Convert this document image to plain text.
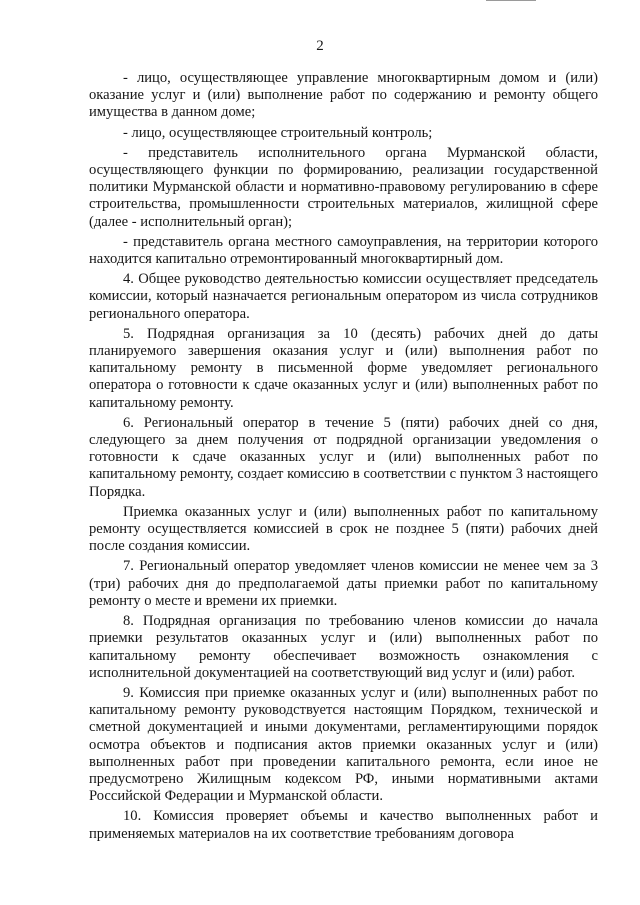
2

- лицо, осуществляющее управление многоквартирным домом и (или) оказание услуг и (или) выполнение работ по содержанию и ремонту общего имущества в данном доме;

- лицо, осуществляющее строительный контроль;

- представитель исполнительного органа Мурманской области, осуществляющего функции по формированию, реализации государственной политики Мурманской области и нормативно-правовому регулированию в сфере строительства, промышленности строительных материалов, жилищной сфере (далее - исполнительный орган);

- представитель органа местного самоуправления, на территории которого находится капитально отремонтированный многоквартирный дом.

4. Общее руководство деятельностью комиссии осуществляет председатель комиссии, который назначается региональным оператором из числа сотрудников регионального оператора.

5. Подрядная организация за 10 (десять) рабочих дней до даты планируемого завершения оказания услуг и (или) выполнения работ по капитальному ремонту в письменной форме уведомляет регионального оператора о готовности к сдаче оказанных услуг и (или) выполненных работ по капитальному ремонту.

6. Региональный оператор в течение 5 (пяти) рабочих дней со дня, следующего за днем получения от подрядной организации уведомления о готовности к сдаче оказанных услуг и (или) выполненных работ по капитальному ремонту, создает комиссию в соответствии с пунктом 3 настоящего Порядка.

Приемка оказанных услуг и (или) выполненных работ по капитальному ремонту осуществляется комиссией в срок не позднее 5 (пяти) рабочих дней после создания комиссии.

7. Региональный оператор уведомляет членов комиссии не менее чем за 3 (три) рабочих дня до предполагаемой даты приемки работ по капитальному ремонту о месте и времени их приемки.

8. Подрядная организация по требованию членов комиссии до начала приемки результатов оказанных услуг и (или) выполненных работ по капитальному ремонту обеспечивает возможность ознакомления с исполнительной документацией на соответствующий вид услуг и (или) работ.

9. Комиссия при приемке оказанных услуг и (или) выполненных работ по капитальному ремонту руководствуется настоящим Порядком, технической и сметной документацией и иными документами, регламентирующими порядок осмотра объектов и подписания актов приемки оказанных услуг и (или) выполненных работ при проведении капитального ремонта, если иное не предусмотрено Жилищным кодексом РФ, иными нормативными актами Российской Федерации и Мурманской области.

10. Комиссия проверяет объемы и качество выполненных работ и применяемых материалов на их соответствие требованиям договора
